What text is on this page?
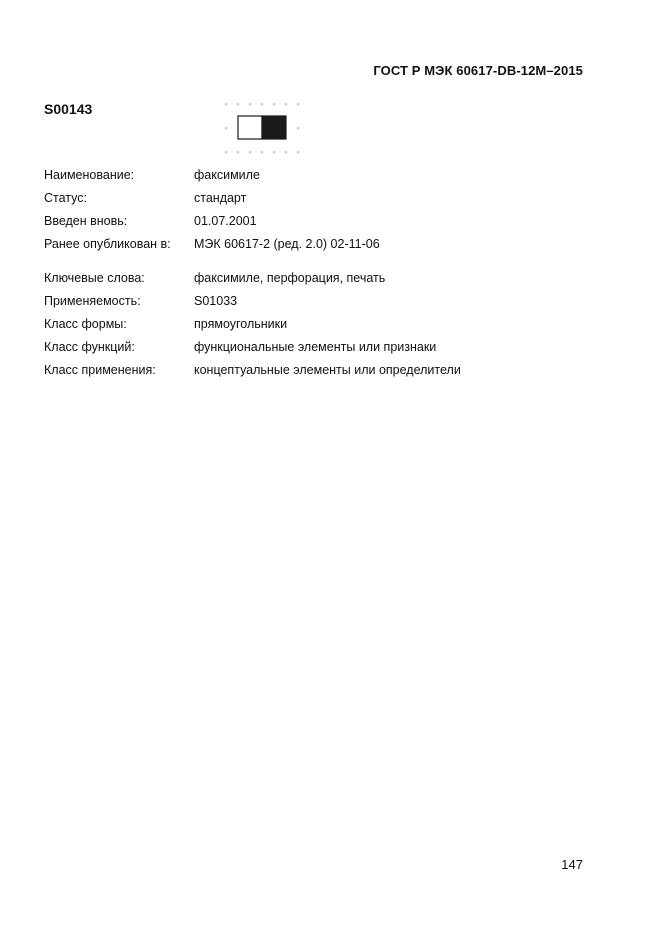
ГОСТ Р МЭК 60617-DB-12M–2015
S00143
Наименование:	факсимиле
Статус:	стандарт
Введен вновь:	01.07.2001
Ранее опубликован в:	МЭК 60617-2 (ред. 2.0) 02-11-06
Ключевые слова:	факсимиле, перфорация, печать
Применяемость:	S01033
Класс формы:	прямоугольники
Класс функций:	функциональные элементы или признаки
Класс применения:	концептуальные элементы или определители
147
